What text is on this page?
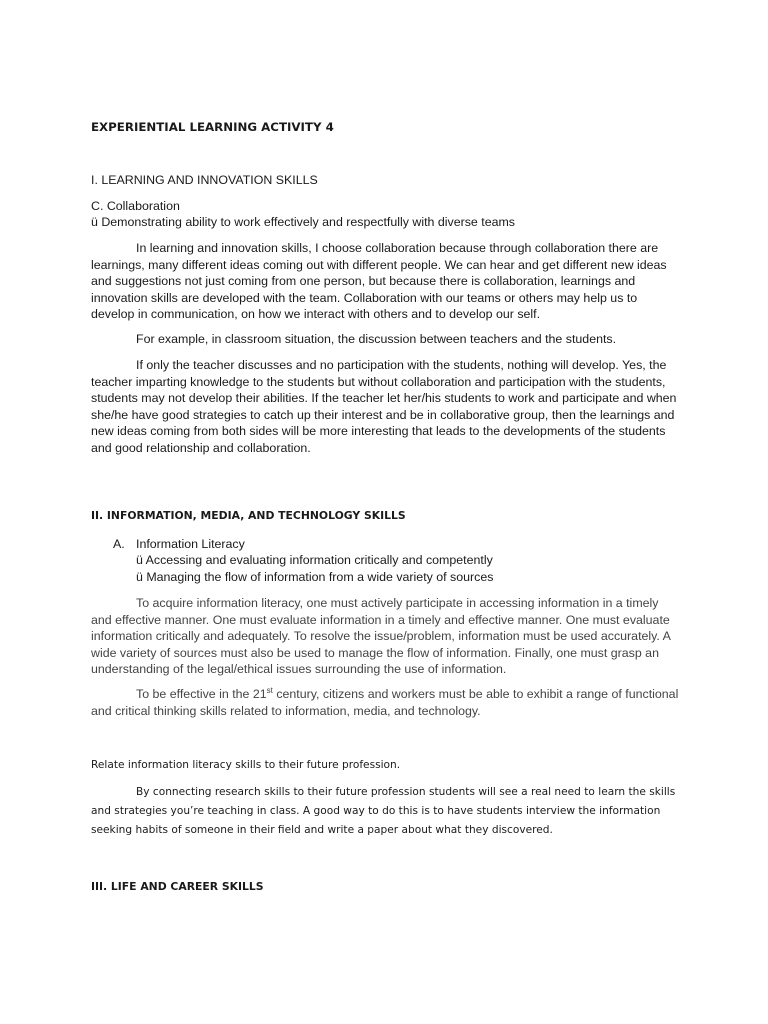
EXPERIENTIAL LEARNING ACTIVITY 4
I. LEARNING AND INNOVATION SKILLS
C. Collaboration
ü Demonstrating ability to work effectively and respectfully with diverse teams

In learning and innovation skills, I choose collaboration because through collaboration there are learnings, many different ideas coming out with different people. We can hear and get different new ideas and suggestions not just coming from one person, but because there is collaboration, learnings and innovation skills are developed with the team. Collaboration with our teams or others may help us to develop in communication, on how we interact with others and to develop our self.

For example, in classroom situation, the discussion between teachers and the students.

If only the teacher discusses and no participation with the students, nothing will develop. Yes, the teacher imparting knowledge to the students but without collaboration and participation with the students, students may not develop their abilities. If the teacher let her/his students to work and participate and when she/he have good strategies to catch up their interest and be in collaborative group, then the learnings and new ideas coming from both sides will be more interesting that leads to the developments of the students and good relationship and collaboration.

II. INFORMATION, MEDIA, AND TECHNOLOGY SKILLS
A. Information Literacy
ü Accessing and evaluating information critically and competently
ü Managing the flow of information from a wide variety of sources

To acquire information literacy, one must actively participate in accessing information in a timely and effective manner. One must evaluate information in a timely and effective manner. One must evaluate information critically and adequately. To resolve the issue/problem, information must be used accurately. A wide variety of sources must also be used to manage the flow of information. Finally, one must grasp an understanding of the legal/ethical issues surrounding the use of information.

To be effective in the 21st century, citizens and workers must be able to exhibit a range of functional and critical thinking skills related to information, media, and technology.

Relate information literacy skills to their future profession.

By connecting research skills to their future profession students will see a real need to learn the skills and strategies you’re teaching in class. A good way to do this is to have students interview the information seeking habits of someone in their field and write a paper about what they discovered.

III. LIFE AND CAREER SKILLS
